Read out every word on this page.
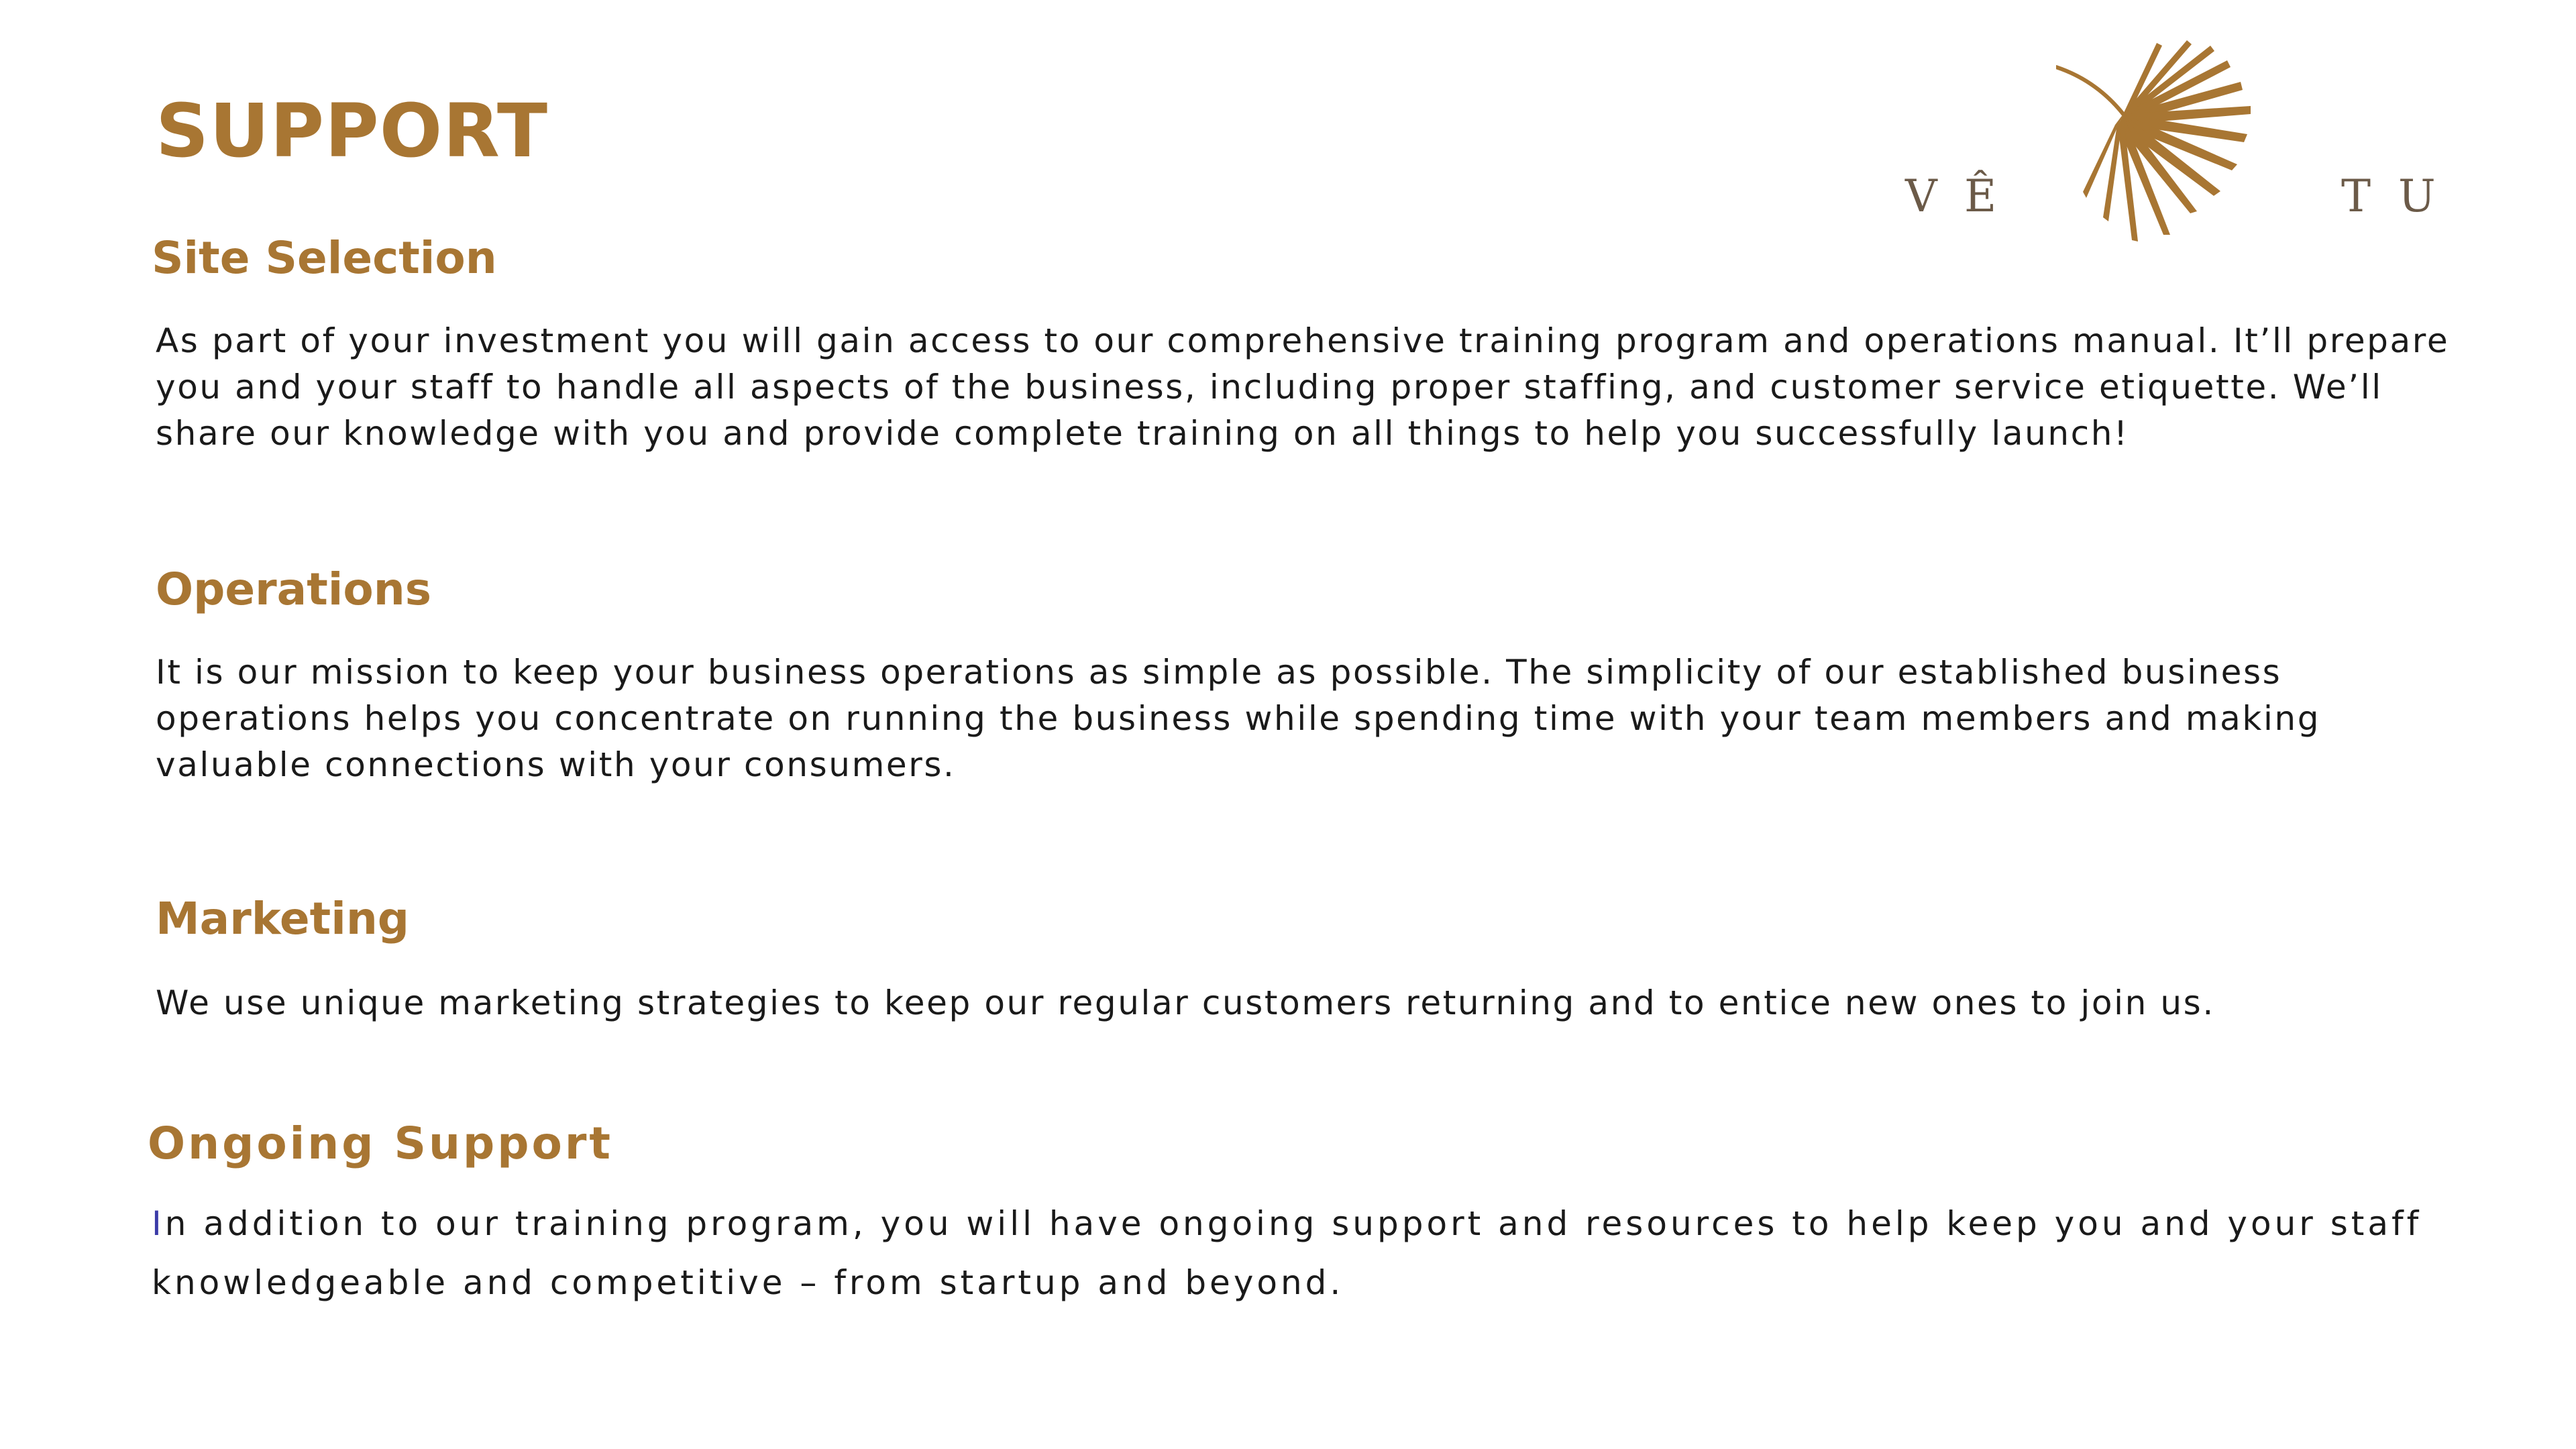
SUPPORT
V Ê	T U
Site Selection

As part of your investment you will gain access to our comprehensive training program and operations manual. It’ll prepare you and your staff to handle all aspects of the business, including proper staffing, and customer service etiquette. We’ll share our knowledge with you and provide complete training on all things to help you successfully launch!

Operations

It is our mission to keep your business operations as simple as possible. The simplicity of our established business operations helps you concentrate on running the business while spending time with your team members and making valuable connections with your consumers.

Marketing

We use unique marketing strategies to keep our regular customers returning and to entice new ones to join us.

Ongoing Support

In addition to our training program, you will have ongoing support and resources to help keep you and your staff knowledgeable and competitive – from startup and beyond.
